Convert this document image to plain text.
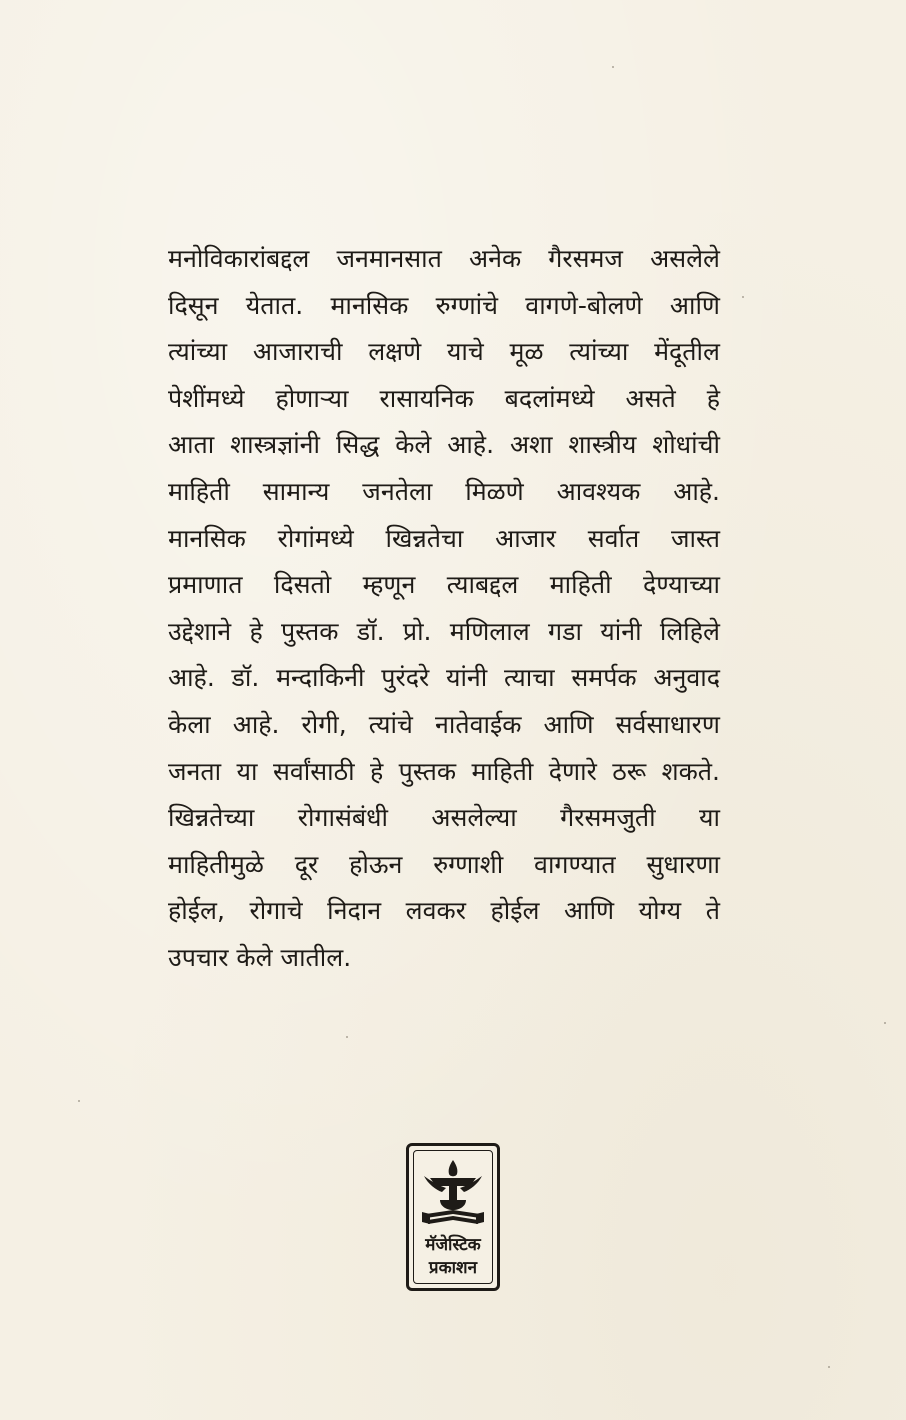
मनोविकारांबद्दल जनमानसात अनेक गैरसमज असलेले
दिसून येतात. मानसिक रुग्णांचे वागणे-बोलणे आणि
त्यांच्या आजाराची लक्षणे याचे मूळ त्यांच्या मेंदूतील
पेशींमध्ये होणाऱ्या रासायनिक बदलांमध्ये असते हे
आता शास्त्रज्ञांनी सिद्ध केले आहे. अशा शास्त्रीय शोधांची
माहिती सामान्य जनतेला मिळणे आवश्यक आहे.
मानसिक रोगांमध्ये खिन्नतेचा आजार सर्वात जास्त
प्रमाणात दिसतो म्हणून त्याबद्दल माहिती देण्याच्या
उद्देशाने हे पुस्तक डॉ. प्रो. मणिलाल गडा यांनी लिहिले
आहे. डॉ. मन्दाकिनी पुरंदरे यांनी त्याचा समर्पक अनुवाद
केला आहे. रोगी, त्यांचे नातेवाईक आणि सर्वसाधारण
जनता या सर्वांसाठी हे पुस्तक माहिती देणारे ठरू शकते.
खिन्नतेच्या रोगासंबंधी असलेल्या गैरसमजुती या
माहितीमुळे दूर होऊन रुग्णाशी वागण्यात सुधारणा
होईल, रोगाचे निदान लवकर होईल आणि योग्य ते
उपचार केले जातील.
मॅजेस्टिक
प्रकाशन
